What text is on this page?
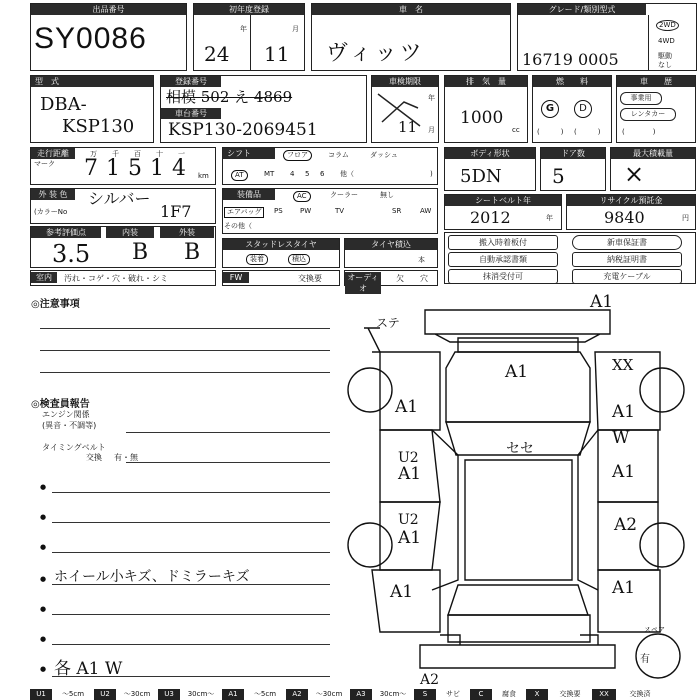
出品番号
SY0086
初年度登録
年	月
24 11
車　名
ヴィッツ
グレード/類別型式
16719 0005
2WD
4WD
駆動なし
型　式
DBA-
KSP130
登録番号
相模 502 え 4869
車台番号
KSP130-2069451
車検期限
年
月
11
排　気　量
1000
cc
燃　　料
G	D
(　　　) (　　　)
車　　歴
事業用
レンタカー
(　　　　)
走行距離
マーク
万 千 百 十 一
7 1 5 1 4 km
シフト	フロア	コラム	ダッシュ
AT	MT 4 5 6 他（	)
ボディ形状
5DN
ドア数
5
最大積載量
×
外 装 色	シルバー
(カラーNo	1F7
装備品	AC	クーラー	無し
エアバッグ	PS PW	TV	SR	AW
その他（
シートベルト年
2012	年
リサイクル預託金
9840	円
参考評価点
3.5
内装
B
外装
B	スタッドレスタイヤ
装着	積込
タイヤ積込
本
搬入時着板付
自動承認書類
抹消受付可
新車保証書
納税証明書
充電ケーブル
室内	汚れ・コゲ・穴・破れ・シミ	FW	交換要	オーディオ
欠 穴
◎注意事項
◎検査員報告
エンジン関係
(異音・不調等)
タイミングベルト
交換 有・無
●
●
●
● ホイール小キズ、ドミラーキズ
●
●
● 各 A1 W
A1
ステ
A1	XX
A1	A1
U2
A1
セセ
W
A1
U2
A1
A2
A1	A1
A2
スペア
有
U1	～5cm	U2	～30cm	U3	30cm～	A1	～5cm	A2	～30cm	A3	30cm～	S	サビ	C	腐食	X	交換要	XX	交換済
